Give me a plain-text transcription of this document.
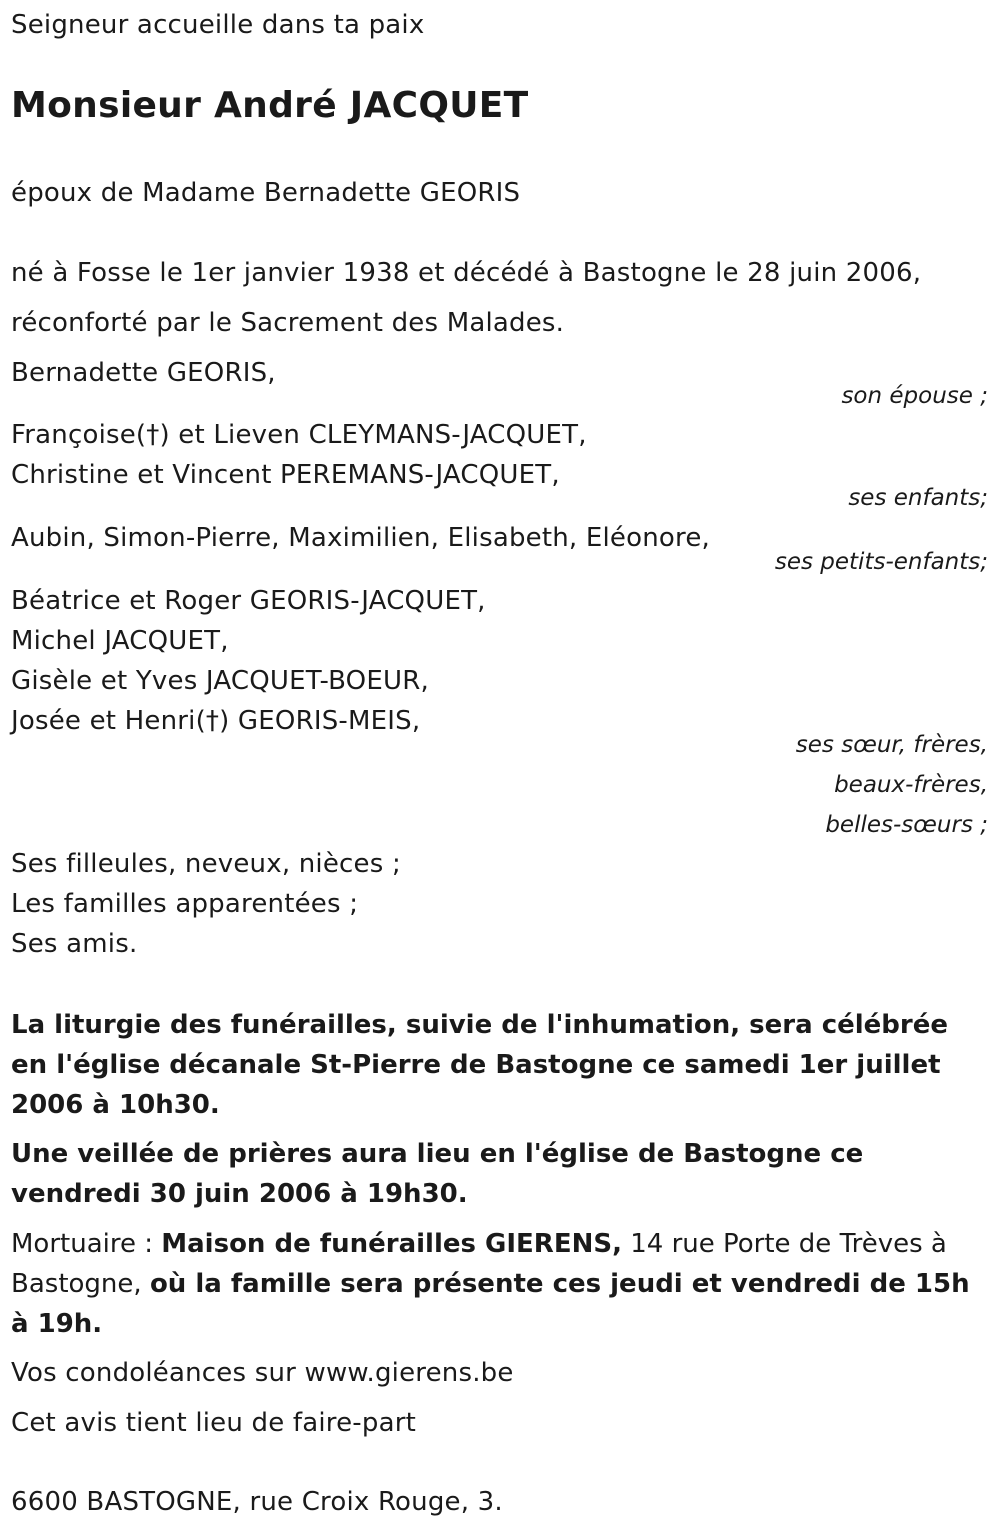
Seigneur accueille dans ta paix
Monsieur André JACQUET
époux de Madame Bernadette GEORIS
né à Fosse le 1er janvier 1938 et décédé à Bastogne le 28 juin 2006,
réconforté par le Sacrement des Malades.
Bernadette GEORIS,
son épouse ;
Françoise(†) et Lieven CLEYMANS-JACQUET,
Christine et Vincent PEREMANS-JACQUET,
ses enfants;
Aubin, Simon-Pierre, Maximilien, Elisabeth, Eléonore,
ses petits-enfants;
Béatrice et Roger GEORIS-JACQUET,
Michel JACQUET,
Gisèle et Yves JACQUET-BOEUR,
Josée et Henri(†) GEORIS-MEIS,
ses sœur, frères,
beaux-frères,
belles-sœurs ;
Ses filleules, neveux, nièces ;
Les familles apparentées ;
Ses amis.
La liturgie des funérailles, suivie de l'inhumation, sera célébrée en l'église décanale St-Pierre de Bastogne ce samedi 1er juillet 2006 à 10h30.
Une veillée de prières aura lieu en l'église de Bastogne ce vendredi 30 juin 2006 à 19h30.
Mortuaire : Maison de funérailles GIERENS, 14 rue Porte de Trèves à Bastogne, où la famille sera présente ces jeudi et vendredi de 15h à 19h.
Vos condoléances sur www.gierens.be
Cet avis tient lieu de faire-part
6600 BASTOGNE, rue Croix Rouge, 3.
